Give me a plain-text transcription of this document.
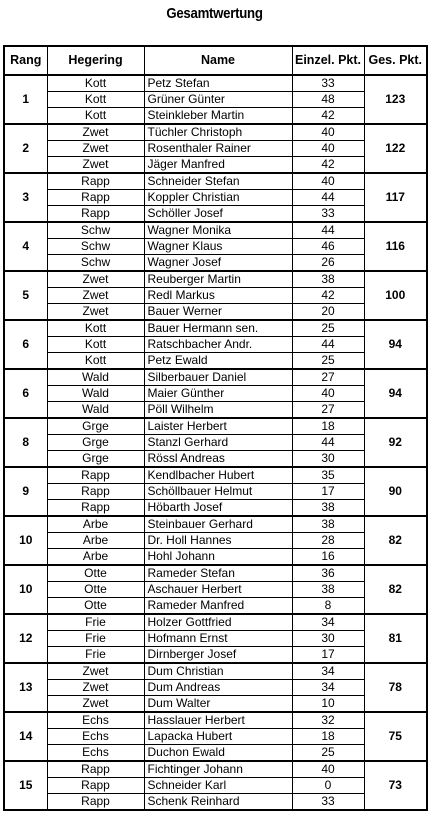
Gesamtwertung
Rang	Hegering	Name	Einzel. Pkt.	Ges. Pkt.
1	Kott	Petz Stefan	33	123
	Kott	Grüner Günter	48	
	Kott	Steinkleber Martin	42	
2	Zwet	Tüchler Christoph	40	122
	Zwet	Rosenthaler Rainer	40	
	Zwet	Jäger Manfred	42	
3	Rapp	Schneider Stefan	40	117
	Rapp	Koppler Christian	44	
	Rapp	Schöller Josef	33	
4	Schw	Wagner Monika	44	116
	Schw	Wagner Klaus	46	
	Schw	Wagner Josef	26	
5	Zwet	Reuberger Martin	38	100
	Zwet	Redl Markus	42	
	Zwet	Bauer Werner	20	
6	Kott	Bauer Hermann sen.	25	94
	Kott	Ratschbacher Andr.	44	
	Kott	Petz Ewald	25	
6	Wald	Silberbauer Daniel	27	94
	Wald	Maier Günther	40	
	Wald	Pöll Wilhelm	27	
8	Grge	Laister Herbert	18	92
	Grge	Stanzl Gerhard	44	
	Grge	Rössl Andreas	30	
9	Rapp	Kendlbacher Hubert	35	90
	Rapp	Schöllbauer Helmut	17	
	Rapp	Höbarth Josef	38	
10	Arbe	Steinbauer Gerhard	38	82
	Arbe	Dr. Holl Hannes	28	
	Arbe	Hohl Johann	16	
10	Otte	Rameder Stefan	36	82
	Otte	Aschauer Herbert	38	
	Otte	Rameder Manfred	8	
12	Frie	Holzer Gottfried	34	81
	Frie	Hofmann Ernst	30	
	Frie	Dirnberger Josef	17	
13	Zwet	Dum Christian	34	78
	Zwet	Dum Andreas	34	
	Zwet	Dum Walter	10	
14	Echs	Hasslauer Herbert	32	75
	Echs	Lapacka Hubert	18	
	Echs	Duchon Ewald	25	
15	Rapp	Fichtinger Johann	40	73
	Rapp	Schneider Karl	0	
	Rapp	Schenk Reinhard	33	
